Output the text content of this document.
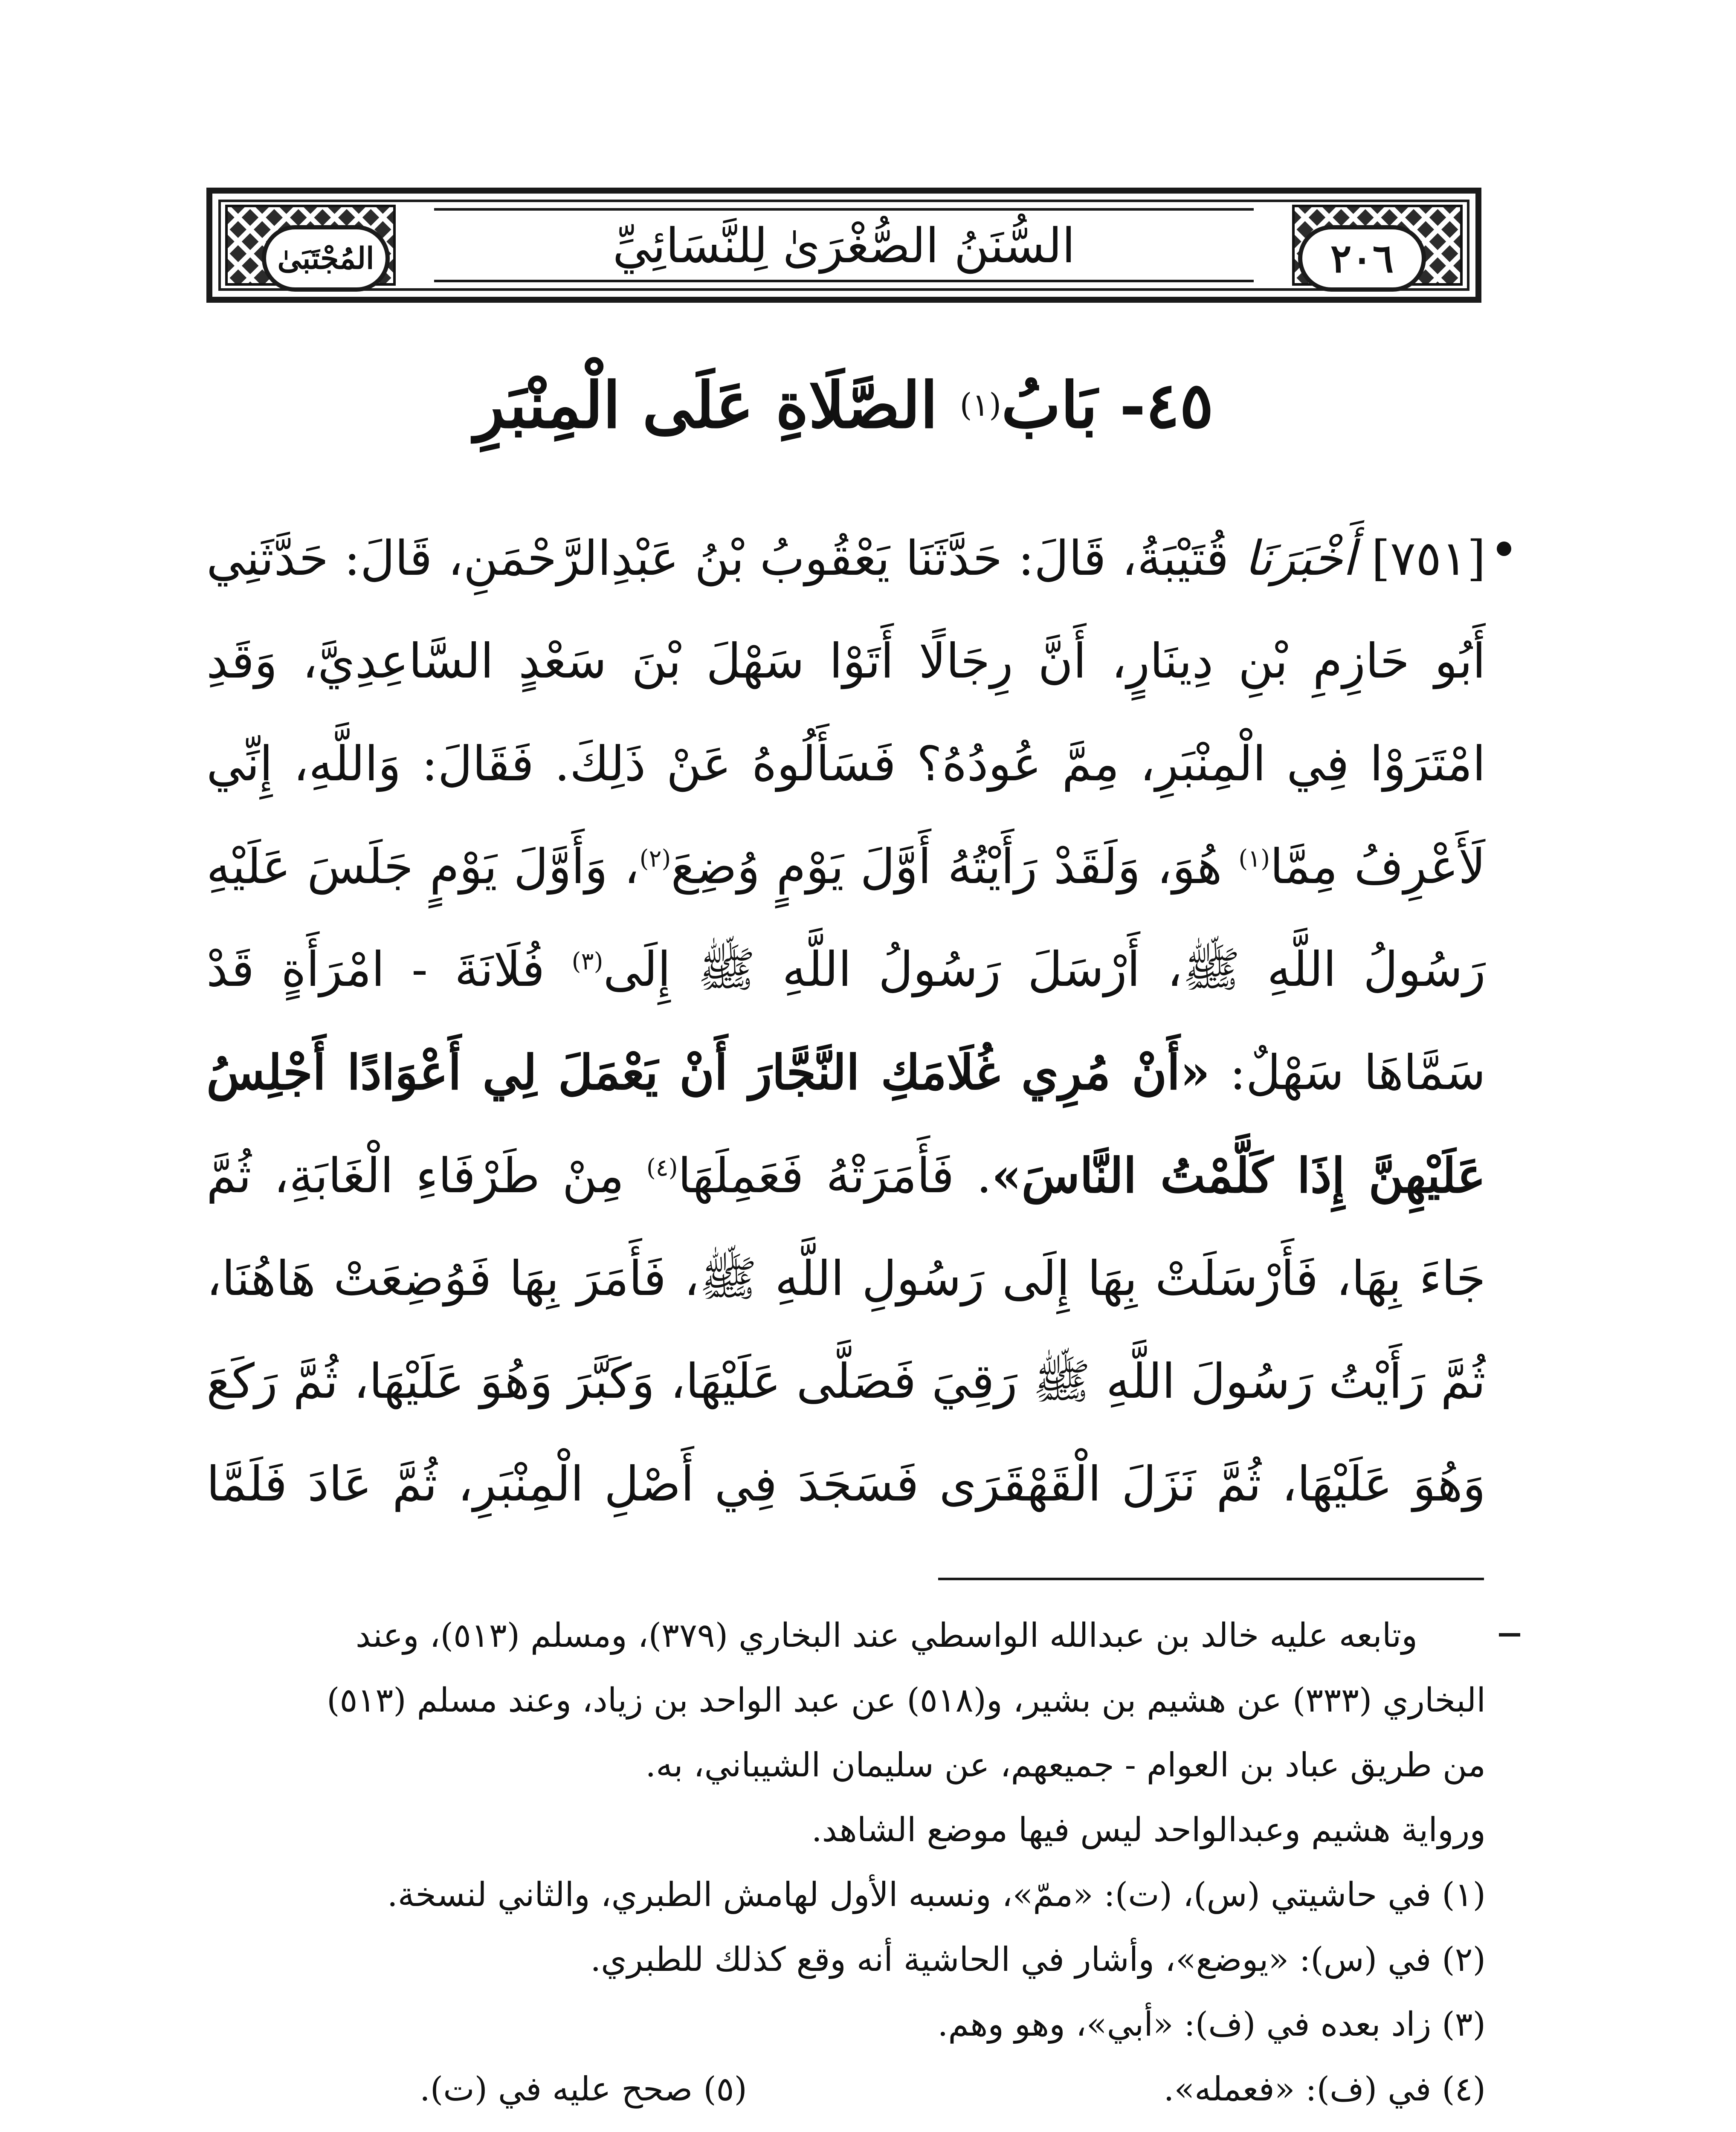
المُجْتَبَىٰ	السُّنَنُ الصُّغْرَىٰ لِلنَّسَائِيِّ	٢٠٦
٤٥-

بَابُ
(١)

الصَّلَاةِ عَلَى الْمِنْبَرِ
[٧٥١] أَخْبَرَنَا قُتَيْبَةُ، قَالَ: حَدَّثَنَا يَعْقُوبُ بْنُ عَبْدِالرَّحْمَنِ، قَالَ: حَدَّثَنِي أَبُو حَازِمِ بْنِ دِينَارٍ، أَنَّ رِجَالًا أَتَوْا سَهْلَ بْنَ سَعْدٍ السَّاعِدِيَّ، وَقَدِ امْتَرَوْا فِي الْمِنْبَرِ، مِمَّ عُودُهُ؟ فَسَأَلُوهُ عَنْ ذَلِكَ. فَقَالَ: وَاللَّهِ، إِنِّي لَأَعْرِفُ مِمَّا$^{(١)}$ هُوَ، وَلَقَدْ رَأَيْتُهُ أَوَّلَ يَوْمٍ وُضِعَ$^{(٢)}$، وَأَوَّلَ يَوْمٍ جَلَسَ عَلَيْهِ رَسُولُ اللَّهِ ﷺ، أَرْسَلَ رَسُولُ اللَّهِ ﷺ إِلَى$^{(٣)}$ فُلَانَةَ - امْرَأَةٍ قَدْ سَمَّاهَا سَهْلٌ: «أَنْ مُرِي غُلَامَكِ النَّجَّارَ أَنْ يَعْمَلَ لِي أَعْوَادًا أَجْلِسُ عَلَيْهِنَّ إِذَا كَلَّمْتُ النَّاسَ». فَأَمَرَتْهُ فَعَمِلَهَا$^{(٤)}$ مِنْ طَرْفَاءِ الْغَابَةِ، ثُمَّ جَاءَ بِهَا، فَأَرْسَلَتْ بِهَا إِلَى رَسُولِ اللَّهِ ﷺ، فَأَمَرَ بِهَا فَوُضِعَتْ هَاهُنَا، ثُمَّ رَأَيْتُ رَسُولَ اللَّهِ ﷺ رَقِيَ فَصَلَّى عَلَيْهَا، وَكَبَّرَ وَهُوَ عَلَيْهَا، ثُمَّ رَكَعَ وَهُوَ عَلَيْهَا، ثُمَّ نَزَلَ الْقَهْقَرَى فَسَجَدَ فِي أَصْلِ الْمِنْبَرِ، ثُمَّ عَادَ فَلَمَّا
وتابعه عليه خالد بن عبدالله الواسطي عند البخاري (٣٧٩)، ومسلم (٥١٣)، وعند
البخاري (٣٣٣) عن هشيم بن بشير، و(٥١٨) عن عبد الواحد بن زياد، وعند مسلم (٥١٣)
من طريق عباد بن العوام - جميعهم، عن سليمان الشيباني، به.
ورواية هشيم وعبدالواحد ليس فيها موضع الشاهد.
(١) في حاشيتي (س)، (ت): «ممّ»، ونسبه الأول لهامش الطبري، والثاني لنسخة.
(٢) في (س): «يوضع»، وأشار في الحاشية أنه وقع كذلك للطبري.
(٣) زاد بعده في (ف): «أبي»، وهو وهم.
(٤) في (ف): «فعمله».
(٥) صحح عليه في (ت).
